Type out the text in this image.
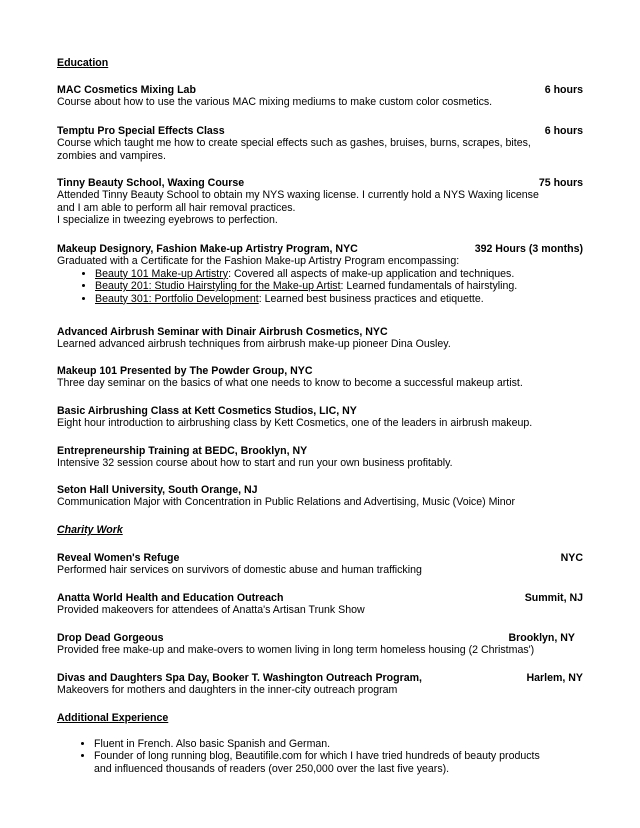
Education
MAC Cosmetics Mixing Lab	6 hours
Course about how to use the various MAC mixing mediums to make custom color cosmetics.
Temptu Pro Special Effects Class	6 hours
Course which taught me how to create special effects such as gashes, bruises, burns, scrapes, bites,
zombies and vampires.
Tinny Beauty School, Waxing Course	75 hours
Attended Tinny Beauty School to obtain my NYS waxing license. I currently hold a NYS Waxing license
and I am able to perform all hair removal practices.
I specialize in tweezing eyebrows to perfection.
Makeup Designory, Fashion Make-up Artistry Program, NYC	392 Hours (3 months)
Graduated with a Certificate for the Fashion Make-up Artistry Program encompassing:
• Beauty 101 Make-up Artistry: Covered all aspects of make-up application and techniques.
• Beauty 201: Studio Hairstyling for the Make-up Artist: Learned fundamentals of hairstyling.
• Beauty 301: Portfolio Development: Learned best business practices and etiquette.
Advanced Airbrush Seminar with Dinair Airbrush Cosmetics, NYC
Learned advanced airbrush techniques from airbrush make-up pioneer Dina Ousley.
Makeup 101 Presented by The Powder Group, NYC
Three day seminar on the basics of what one needs to know to become a successful makeup artist.
Basic Airbrushing Class at Kett Cosmetics Studios, LIC, NY
Eight hour introduction to airbrushing class by Kett Cosmetics, one of the leaders in airbrush makeup.
Entrepreneurship Training at BEDC, Brooklyn, NY
Intensive 32 session course about how to start and run your own business profitably.
Seton Hall University, South Orange, NJ
Communication Major with Concentration in Public Relations and Advertising, Music (Voice) Minor
Charity Work
Reveal Women's Refuge	NYC
Performed hair services on survivors of domestic abuse and human trafficking
Anatta World Health and Education Outreach	Summit, NJ
Provided makeovers for attendees of Anatta's Artisan Trunk Show
Drop Dead Gorgeous	Brooklyn, NY
Provided free make-up and make-overs to women living in long term homeless housing (2 Christmas')
Divas and Daughters Spa Day, Booker T. Washington Outreach Program,	Harlem, NY
Makeovers for mothers and daughters in the inner-city outreach program
Additional Experience
• Fluent in French. Also basic Spanish and German.
• Founder of long running blog, Beautifile.com for which I have tried hundreds of beauty products
and influenced thousands of readers (over 250,000 over the last five years).
